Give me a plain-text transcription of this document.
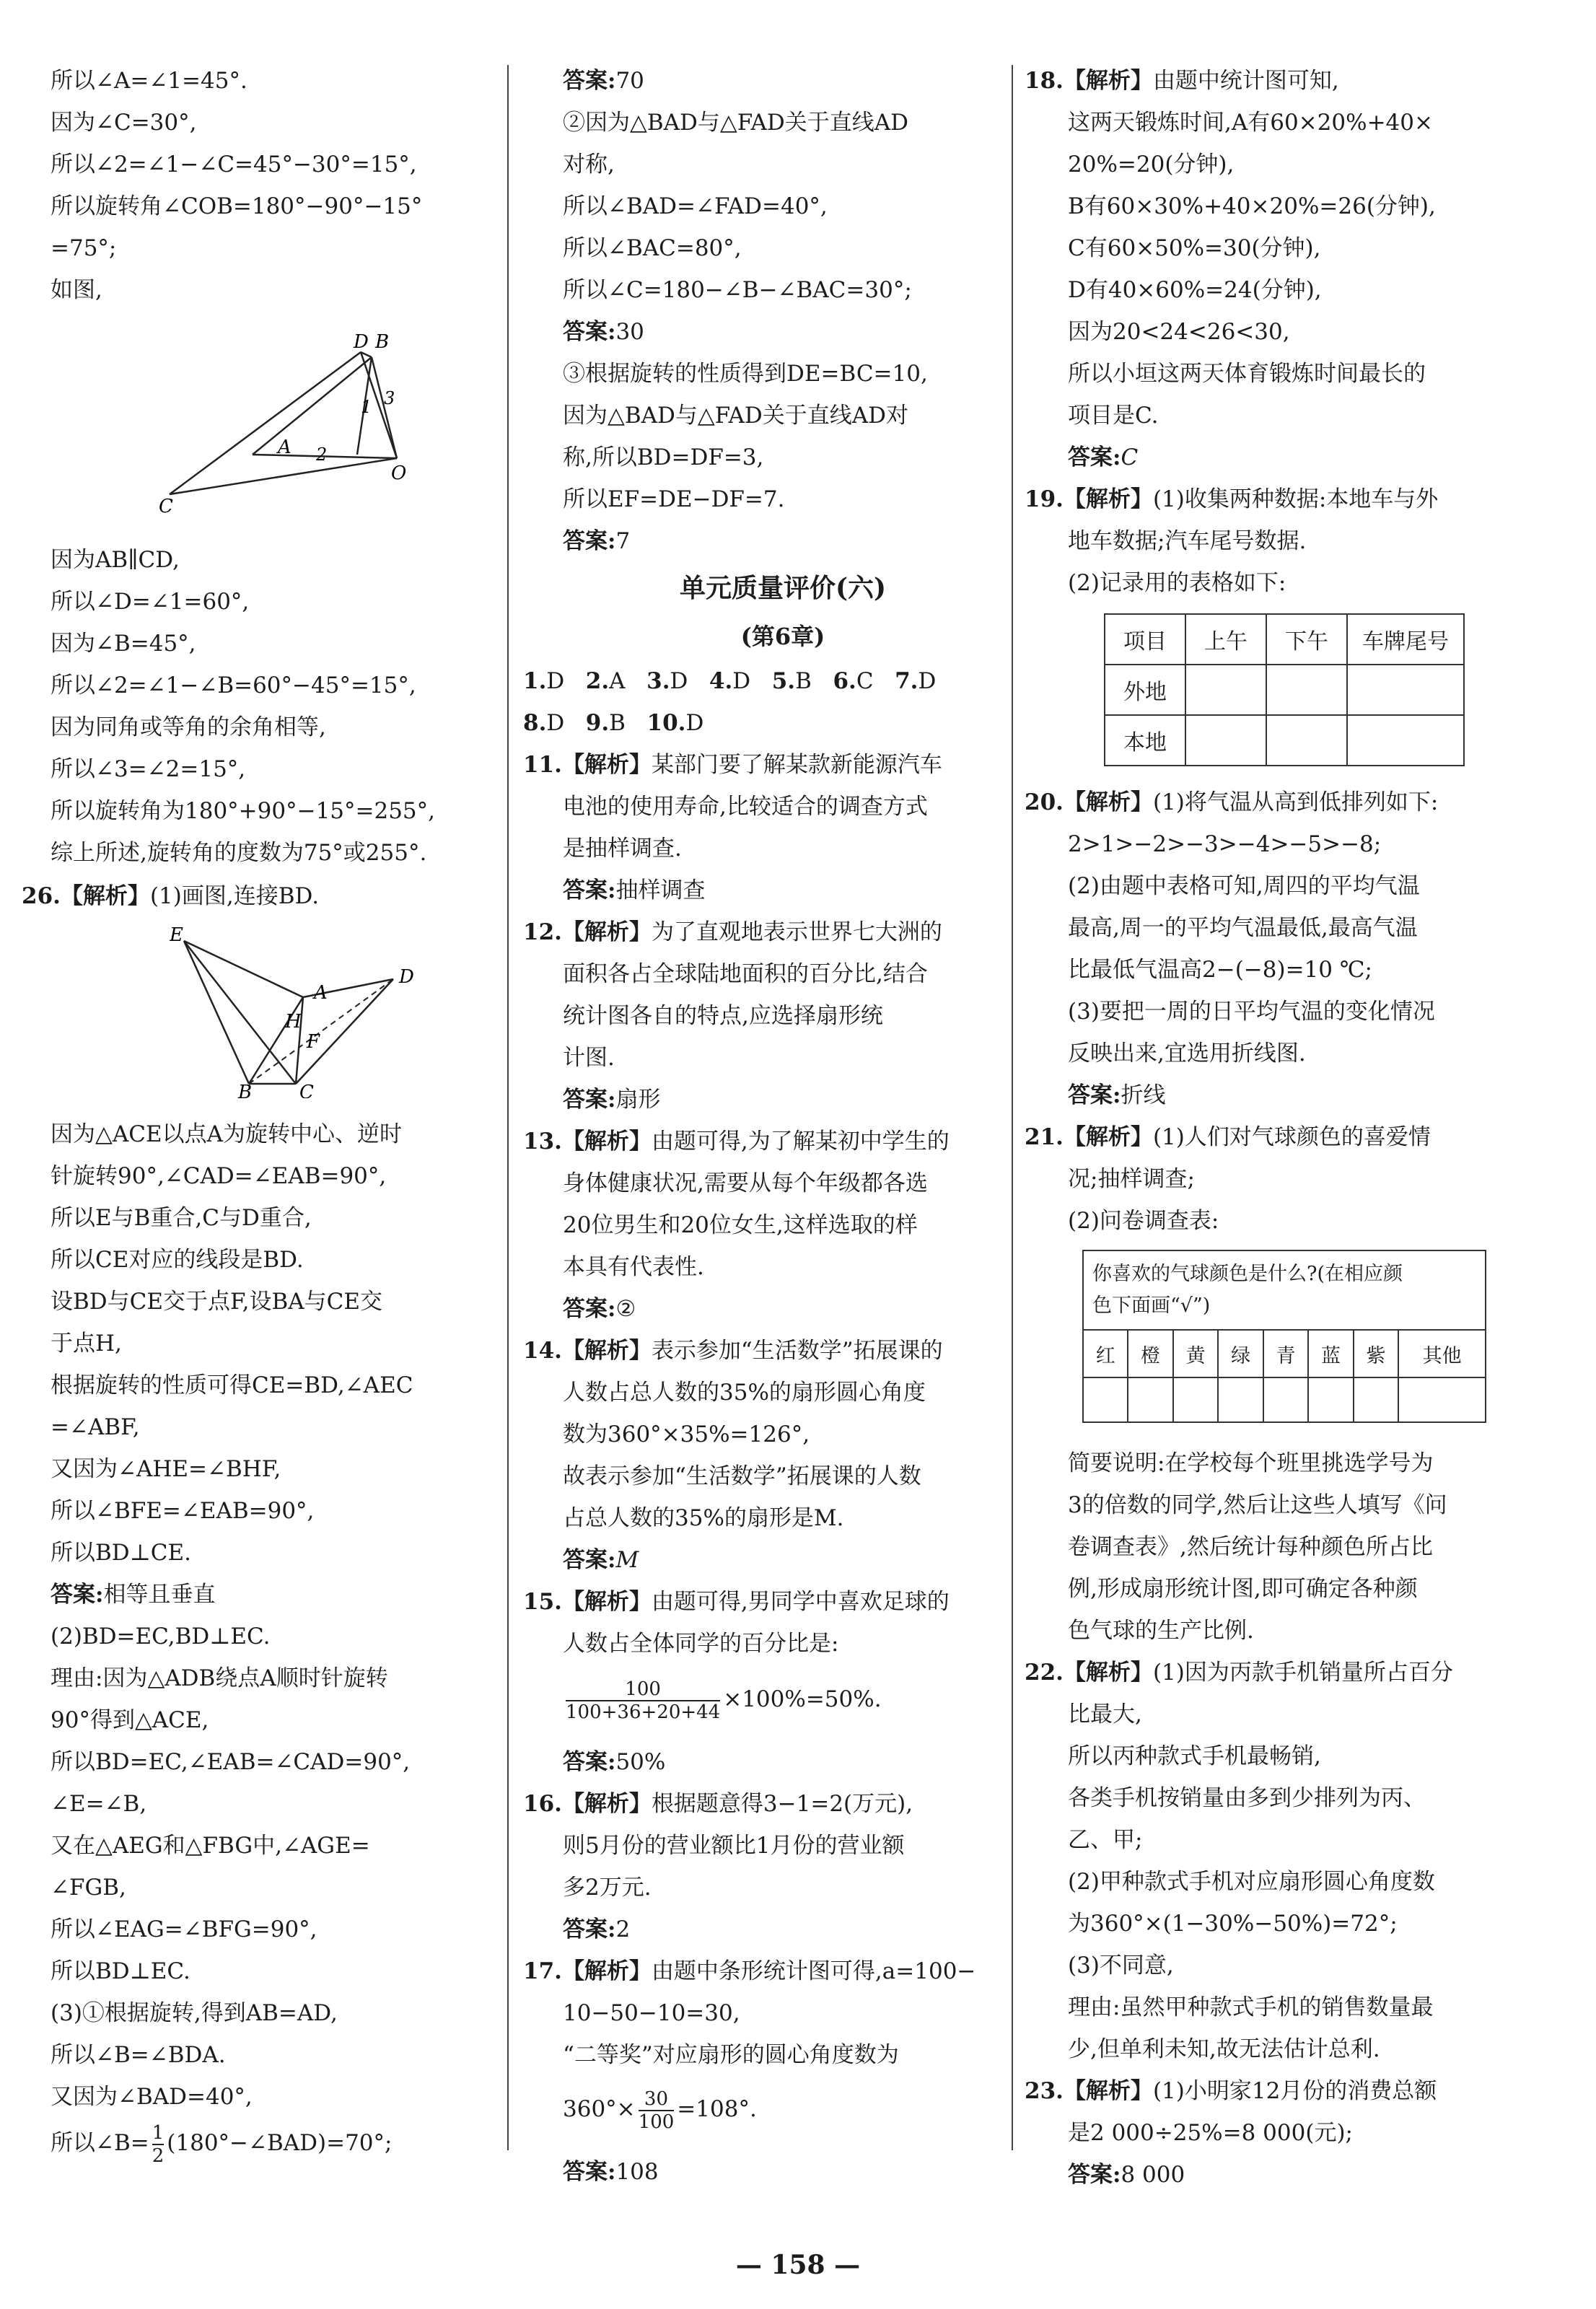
所以∠A=∠1=45°.
因为∠C=30°,
所以∠2=∠1−∠C=45°−30°=15°,
所以旋转角∠COB=180°−90°−15°
=75°;
如图,
D B
1 3
A 2
O
C
因为AB∥CD,
所以∠D=∠1=60°,
因为∠B=45°,
所以∠2=∠1−∠B=60°−45°=15°,
因为同角或等角的余角相等,
所以∠3=∠2=15°,
所以旋转角为180°+90°−15°=255°,
综上所述,旋转角的度数为75°或255°.
26.【解析】(1)画图,连接BD.
E
A
D
H
F
B	C
因为△ACE以点A为旋转中心、逆时
针旋转90°,∠CAD=∠EAB=90°,
所以E与B重合,C与D重合,
所以CE对应的线段是BD.
设BD与CE交于点F,设BA与CE交
于点H,
根据旋转的性质可得CE=BD,∠AEC
=∠ABF,
又因为∠AHE=∠BHF,
所以∠BFE=∠EAB=90°,
所以BD⊥CE.
答案:相等且垂直
(2)BD=EC,BD⊥EC.
理由:因为△ADB绕点A顺时针旋转
90°得到△ACE,
所以BD=EC,∠EAB=∠CAD=90°,
∠E=∠B,
又在△AEG和△FBG中,∠AGE=
∠FGB,
所以∠EAG=∠BFG=90°,
所以BD⊥EC.
(3)①根据旋转,得到AB=AD,
所以∠B=∠BDA.
又因为∠BAD=40°,
所以∠B= $\frac{1}{2}$ (180°−∠BAD)=70°;
答案:70
②因为△BAD与△FAD关于直线AD
对称,
所以∠BAD=∠FAD=40°,
所以∠BAC=80°,
所以∠C=180−∠B−∠BAC=30°;
答案:30
③根据旋转的性质得到DE=BC=10,
因为△BAD与△FAD关于直线AD对
称,所以BD=DF=3,
所以EF=DE−DF=7.
答案:7
单元质量评价(六)
(第6章)
1.D 2.A 3.D 4.D 5.B 6.C 7.D
8.D 9.B 10.D
11.【解析】某部门要了解某款新能源汽车
电池的使用寿命,比较适合的调查方式
是抽样调查.
答案:抽样调查
12.【解析】为了直观地表示世界七大洲的
面积各占全球陆地面积的百分比,结合
统计图各自的特点,应选择扇形统
计图.
答案:扇形
13.【解析】由题可得,为了解某初中学生的
身体健康状况,需要从每个年级都各选
20位男生和20位女生,这样选取的样
本具有代表性.
答案:②
14.【解析】表示参加“生活数学”拓展课的
人数占总人数的35%的扇形圆心角度
数为360°×35%=126°,
故表示参加“生活数学”拓展课的人数
占总人数的35%的扇形是M.
答案:M
15.【解析】由题可得,男同学中喜欢足球的
人数占全体同学的百分比是:
$\frac{100}{100+36+20+44} \times 100\%=50\%$.
答案:50%
16.【解析】根据题意得3−1=2(万元),
则5月份的营业额比1月份的营业额
多2万元.
答案:2
17.【解析】由题中条形统计图可得,a=100−
10−50−10=30,
“二等奖”对应扇形的圆心角度数为
$360^\circ\times \frac{30}{100} =108^\circ$.
答案:108
18.【解析】由题中统计图可知,
这两天锻炼时间,A有60×20%+40×
20%=20(分钟),
B有60×30%+40×20%=26(分钟),
C有60×50%=30(分钟),
D有40×60%=24(分钟),
因为20<24<26<30,
所以小垣这两天体育锻炼时间最长的
项目是C.
答案:C
19.【解析】(1)收集两种数据:本地车与外
地车数据;汽车尾号数据.
(2)记录用的表格如下:
项目	上午	下午	车牌尾号
外地			
本地			
20.【解析】(1)将气温从高到低排列如下:
2>1>−2>−3>−4>−5>−8;
(2)由题中表格可知,周四的平均气温
最高,周一的平均气温最低,最高气温
比最低气温高2−(−8)=10 ℃;
(3)要把一周的日平均气温的变化情况
反映出来,宜选用折线图.
答案:折线
21.【解析】(1)人们对气球颜色的喜爱情
况;抽样调查;
(2)问卷调查表:
你喜欢的气球颜色是什么?(在相应颜
色下面画“√”)							

红	橙	黄	绿	青	蓝	紫	其他

简要说明:在学校每个班里挑选学号为
3的倍数的同学,然后让这些人填写《问
卷调查表》,然后统计每种颜色所占比
例,形成扇形统计图,即可确定各种颜
色气球的生产比例.
22.【解析】(1)因为丙款手机销量所占百分
比最大,
所以丙种款式手机最畅销,
各类手机按销量由多到少排列为丙、
乙、甲;
(2)甲种款式手机对应扇形圆心角度数
为360°×(1−30%−50%)=72°;
(3)不同意,
理由:虽然甲种款式手机的销售数量最
少,但单利未知,故无法估计总利.
23.【解析】(1)小明家12月份的消费总额
是2 000÷25%=8 000(元);
答案:8 000
— 158 —
